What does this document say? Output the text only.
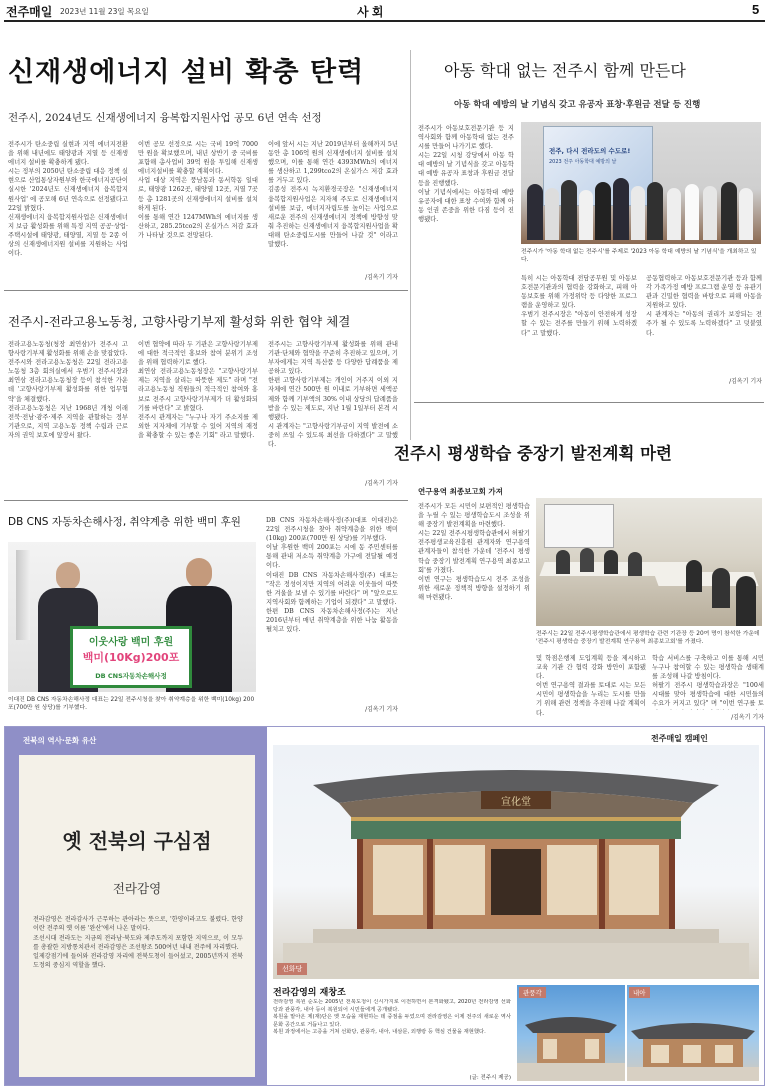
전주매일 2023년 11월 23일 목요일	사 회	5
신재생에너지 설비 확충 탄력
전주시, 2024년도 신재생에너지 융복합지원사업 공모 6년 연속 선정
전주시가 탄소중립 실현과 지역 에너지전환을 위해 내년에도 태양광과 지열 등 신재생에너지 설비를 확충하게 됐다.
시는 정부의 2050년 탄소중립 대응 정책 실현으로 산업통상자원부와 한국에너지공단이 실시한 '2024년도 신재생에너지 융복합지원사업' 에 공모해 6년 연속으로 선정됐다고 22일 밝혔다.
신재생에너지 융복합지원사업은 신재생에너지 보급 활성화를 위해 특정 지역 공공·상업·주택시설에 태양광, 태양열, 지열 등 2종 이상의 신재생에너지원 설비를 지원하는 사업이다.
이번 공모 선정으로 시는 국비 19억 7000만 원을 확보했으며, 내년 상반기 중 국비를 포함해 총사업비 39억 원을 투입해 신재생에너지설비를 확충할 계획이다.
사업 대상 지역은 풍남동과 동서학동 일대로, 태양광 1262곳, 태양열 12곳, 지열 7곳 등 총 1281곳의 신재생에너지 설비를 설치하게 된다.
이를 통해 연간 1247MWh의 에너지를 생산하고, 285.25tco2의 온실가스 저감 효과가 나타날 것으로 전망된다.
이에 앞서 시는 지난 2019년부터 올해까지 5년 동안 총 106억 원의 신재생에너지 설비를 설치했으며, 이를 통해 연간 4393MWh의 에너지를 생산하고 1,299tco2의 온실가스 저감 효과를 거두고 있다.
김종성 전주시 녹지환경국장은 "신재생에너지 융복합지원사업은 지자체 주도로 신재생에너지설비를 보급, 에너지자립도를 높이는 사업으로 새로운 전주의 신재생에너지 정책에 방향성 맞춰 추진하는 신재생에너지 융복합지원사업을 확대해 탄소중립도시를 만들어 나갈 것" 이라고 말했다.
/김옥기 기자
아동 학대 없는 전주시 함께 만든다
아동 학대 예방의 날 기념식 갖고 유공자 표창·후원금 전달 등 진행
전주시가 아동보호전문기관 등 지역사회와 함께 아동학대 없는 전주시를 만들어 나가기로 했다.
시는 22일 시청 강당에서 아동 학대 예방의 날 기념식을 갖고 아동학대 예방 유공자 표창과 후원금 전달 등을 진행했다.
이날 기념식에서는 아동학대 예방 유공자에 대한 표창 수여와 함께 아동 인권 존중을 위한 다짐 등이 진행됐다.
전주, 다시 전라도의 수도로!
2023 전주 아동학대 예방의 날
전주시가 '아동 학대 없는 전주시'를 주제로 '2023 아동 학대 예방의 날 기념식'을 개최하고 있다.
특히 시는 아동학대 전담공무원 및 아동보호전문기관과의 협력을 강화하고, 피해 아동보호를 위해 가정위탁 등 다양한 프로그램을 운영하고 있다.
우범기 전주시장은 "아동이 안전하게 성장할 수 있는 전주를 만들기 위해 노력하겠다" 고 말했다.
공동협력하고 아동보호전문기관 등과 함께 각 가족가정 예방 프로그램 운영 등 유관기관과 긴밀한 협력을 바탕으로 피해 아동을 지원하고 있다.
시 관계자는 "아동의 권리가 보장되는 전주가 될 수 있도록 노력하겠다" 고 덧붙였다.
/김옥기 기자
전주시-전라고용노동청, 고향사랑기부제 활성화 위한 협약 체결
전라고용노동청(청장 최연삼)가 전주시 고향사랑기부제 활성화를 위해 손을 맞잡았다.
전주시와 전라고용노동청은 22일 전라고용노동청 3층 회의실에서 우범기 전주시장과 최연삼 전라고용노동청장 등이 참석한 가운데 '고향사랑기부제 활성화를 위한 업무협약'을 체결했다.
전라고용노동청은 지난 1968년 개청 이래 전북·전남·광주·제주 지역을 관할하는 정부 기관으로, 지역 고용노동 정책 수립과 근로자의 권익 보호에 앞장서 왔다.
이번 협약에 따라 두 기관은 고향사랑기부제에 대한 적극적인 홍보와 참여 분위기 조성을 위해 협력하기로 했다.
최연삼 전라고용노동청장은 "고향사랑기부제는 지역을 살리는 따뜻한 제도" 라며 "전라고용노동청 직원들의 적극적인 참여와 홍보로 전주시 고향사랑기부제가 더 활성화되기를 바란다" 고 밝혔다.
전주시 관계자는 "누구나 자기 주소지를 제외한 지자체에 기부할 수 있어 지역의 재정을 확충할 수 있는 좋은 기회" 라고 말했다.
전주시는 고향사랑기부제 활성화를 위해 관내 기관·단체와 협약을 꾸준히 추진하고 있으며, 기부자에게는 지역 특산품 등 다양한 답례품을 제공하고 있다.
한편 고향사랑기부제는 개인이 거주지 이외 지자체에 연간 500만 원 이내로 기부하면 세액공제와 함께 기부액의 30% 이내 상당의 답례품을 받을 수 있는 제도로, 지난 1월 1일부터 본격 시행됐다.
시 관계자는 "고향사랑기부금이 지역 발전에 소중히 쓰일 수 있도록 최선을 다하겠다" 고 말했다.
/김옥기 기자
DB CNS 자동차손해사정, 취약계층 위한 백미 후원
이웃사랑 백미 후원
백미(10Kg)200포
DB CNS자동차손해사정
이대진 DB CNS 자동차손해사정 대표는 22일 전주시청을 찾아 취약계층을 위한 백미(10kg) 200포(700만 원 상당)를 기부했다.
DB CNS 자동차손해사정(주)(대표 이대진)은 22일 전주시청을 찾아 취약계층을 위한 백미(10kg) 200포(700만 원 상당)를 기부했다.
이날 후원한 백미 200포는 시에 동 주민센터를 통해 관내 저소득 취약계층 가구에 전달될 예정이다.
이대진 DB CNS 자동차손해사정(주) 대표는 "작은 정성이지만 지역의 어려운 이웃들이 따뜻한 겨울을 보낼 수 있기를 바란다" 며 "앞으로도 지역사회와 함께하는 기업이 되겠다" 고 말했다.
한편 DB CNS 자동차손해사정(주)는 지난 2016년부터 매년 취약계층을 위한 나눔 활동을 펼치고 있다.
/김옥기 기자
전주시 평생학습 중장기 발전계획 마련
연구용역 최종보고회 가져
전주시가 모든 시민이 보편적인 평생학습을 누릴 수 있는 평생학습도시 조성을 위해 중장기 발전계획을 마련했다.
시는 22일 전주시평생학습관에서 허팔기 전주평생교육진흥원 관계자와 연구용역 관계자들이 참석한 가운데 '전주시 평생학습 중장기 발전계획 연구용역 최종보고회'를 가졌다.
이번 연구는 평생학습도시 전주 조성을 위한 새로운 정책적 방향을 설정하기 위해 마련됐다.
전주시는 22일 전주시평생학습관에서 평생학습 관련 기관장 등 20여 명이 참석한 가운데 '전주시 평생학습 중장기 발전계획 연구용역 최종보고회'를 가졌다.
및 학점은행제 도입계획 등을 제시하고 교육 기관 간 협력 강화 방안이 포함됐다.
이번 연구용역 결과를 토대로 시는 모든 시민이 평생학습을 누리는 도시를 만들기 위해 관련 정책을 추진해 나갈 계획이다.

학습 서비스를 구축하고 이를 통해 시민 누구나 참여할 수 있는 평생학습 생태계를 조성해 나갈 방침이다.
허팔기 전주시 평생학습과장은 "100세 시대를 맞아 평생학습에 대한 시민들의 수요가 커지고 있다" 며 "이번 연구를 토
/김옥기 기자
전북의 역사·문화 유산
옛 전북의 구심점
전라감영
전라감영은 전라감사가 근무하는 관아라는 뜻으로, '한양이라고도 불렸다. 한양이란 전주의 옛 이름 '완산'에서 나온 말이다.
조선시대 전라도는 지금의 전라남·북도와 제주도까지 포함한 지역으로, 이 모두를 총괄한 지방통치관서 전라감영은 조선왕조 500여년 내내 전주에 자리했다.
일제강점기에 들어와 전라감영 자리에 전북도청이 들어섰고, 2005년까지 전북 도정의 중심지 역할을 했다.
전주매일 캠페인
宣化堂
선화당
전라감영의 재창조
전라감영 복원 순도는 2005년 전북도청이 신시가지로 이전하면서 본격화됐고, 2020년 전라감영 선화당과 관풍각, 내아 등이 복원되어 시민들에게 공개됐다.
복원을 맡아온 제(재)단은 옛 모습을 재현하는 데 중점을 두었으며 전라감영은 이제 전주의 새로운 역사문화 공간으로 거듭나고 있다.
복원 과정에서는 고증을 거쳐 선화당, 관풍각, 내아, 내삼문, 외행랑 등 핵심 건물을 재현했다.
(글: 전주시 제공)
관풍각	내아
